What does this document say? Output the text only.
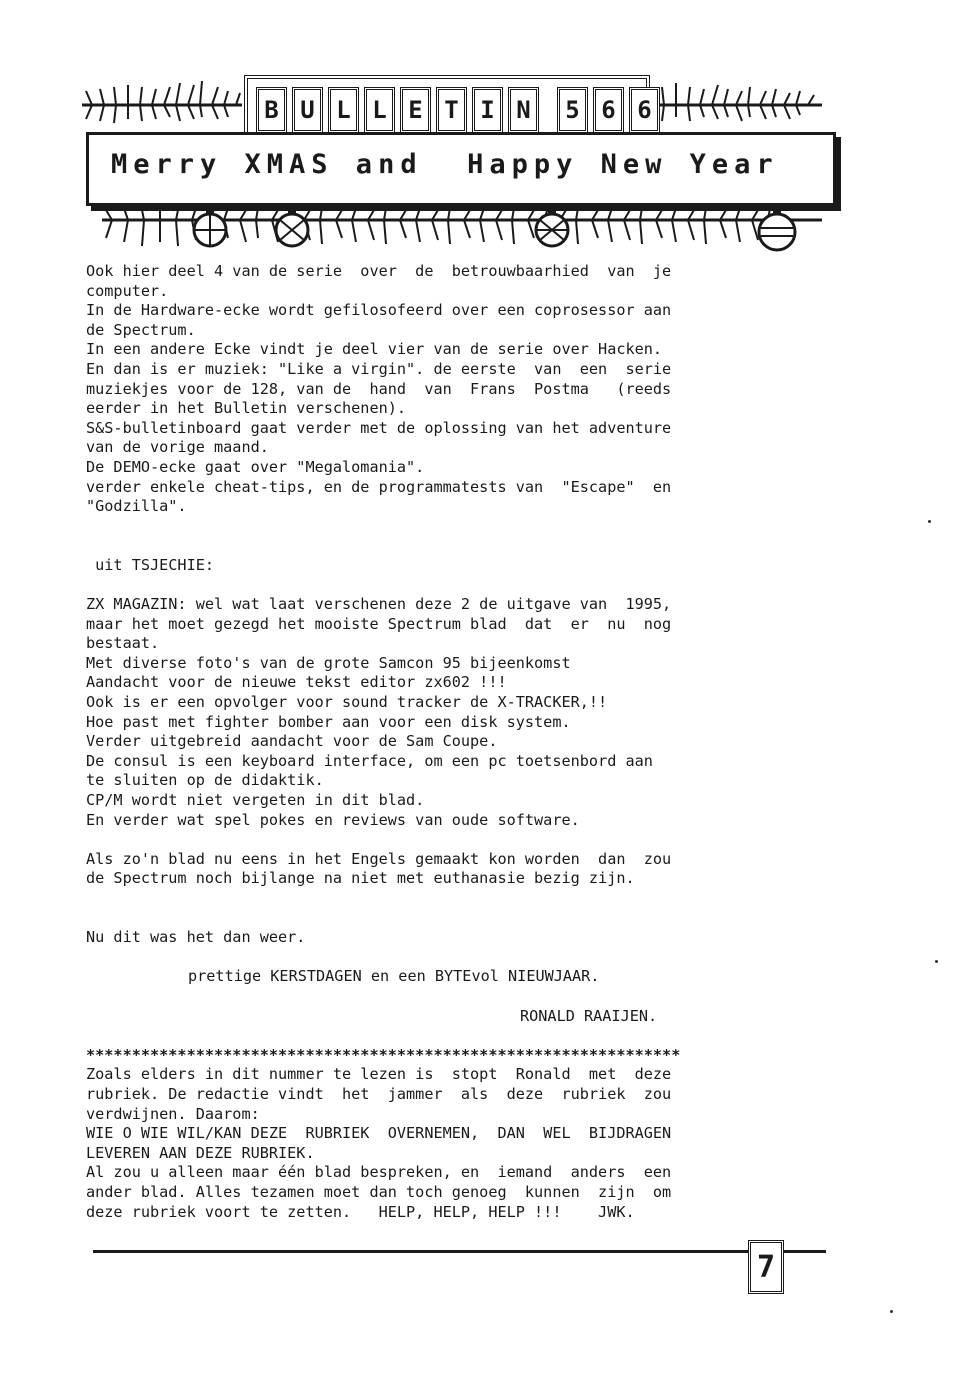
B U L L E T I N	5 6 6
Merry XMAS and  Happy New Year
Ook hier deel 4 van de serie  over  de  betrouwbaarhied  van  je
computer.
In de Hardware-ecke wordt gefilosofeerd over een coprosessor aan
de Spectrum.
In een andere Ecke vindt je deel vier van de serie over Hacken.
En dan is er muziek: "Like a virgin". de eerste  van  een  serie
muziekjes voor de 128, van de  hand  van  Frans  Postma   (reeds
eerder in het Bulletin verschenen).
S&S-bulletinboard gaat verder met de oplossing van het adventure
van de vorige maand.
De DEMO-ecke gaat over "Megalomania".
verder enkele cheat-tips, en de programmatests van  "Escape"  en
"Godzilla".
uit TSJECHIE:
ZX MAGAZIN: wel wat laat verschenen deze 2 de uitgave van  1995,
maar het moet gezegd het mooiste Spectrum blad  dat  er  nu  nog
bestaat.
Met diverse foto's van de grote Samcon 95 bijeenkomst
Aandacht voor de nieuwe tekst editor zx602 !!!
Ook is er een opvolger voor sound tracker de X-TRACKER,!!
Hoe past met fighter bomber aan voor een disk system.
Verder uitgebreid aandacht voor de Sam Coupe.
De consul is een keyboard interface, om een pc toetsenbord aan
te sluiten op de didaktik.
CP/M wordt niet vergeten in dit blad.
En verder wat spel pokes en reviews van oude software.
Als zo'n blad nu eens in het Engels gemaakt kon worden  dan  zou
de Spectrum noch bijlange na niet met euthanasie bezig zijn.
Nu dit was het dan weer.
prettige KERSTDAGEN en een BYTEvol NIEUWJAAR.
RONALD RAAIJEN.
*****************************************************************
Zoals elders in dit nummer te lezen is  stopt  Ronald  met  deze
rubriek. De redactie vindt  het  jammer  als  deze  rubriek  zou
verdwijnen. Daarom:
WIE O WIE WIL/KAN DEZE  RUBRIEK  OVERNEMEN,  DAN  WEL  BIJDRAGEN
LEVEREN AAN DEZE RUBRIEK.
Al zou u alleen maar één blad bespreken, en  iemand  anders  een
ander blad. Alles tezamen moet dan toch genoeg  kunnen  zijn  om
deze rubriek voort te zetten.   HELP, HELP, HELP !!!    JWK.
7
